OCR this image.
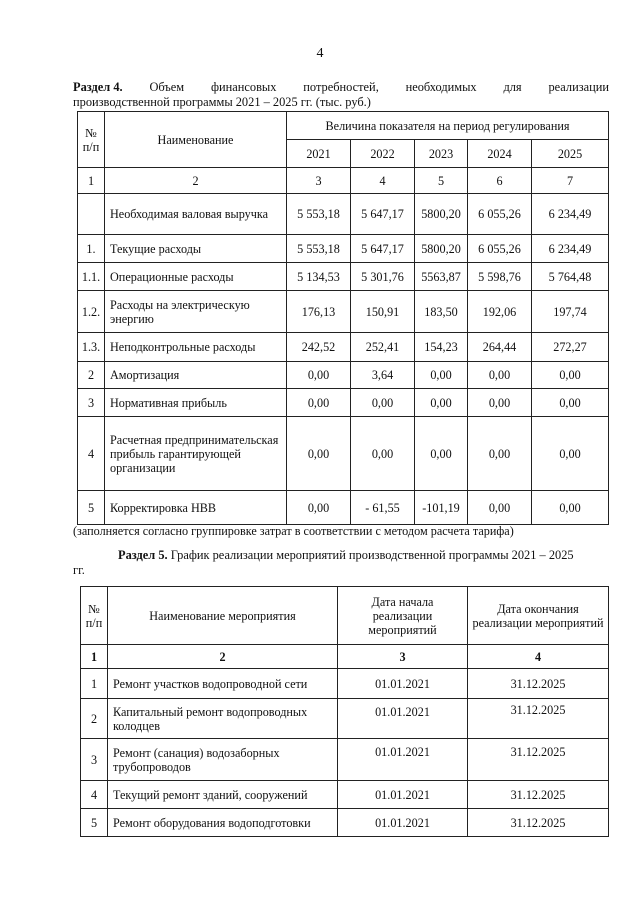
4
Раздел 4. Объем финансовых потребностей, необходимых для реализации
производственной программы 2021 – 2025 гг. (тыс. руб.)
№
п/п	Наименование	Величина показателя на период регулирования				
		2021	2022	2023	2024	2025
1	2	3	4	5	6	7
	Необходимая валовая выручка	5 553,18	5 647,17	5800,20	6 055,26	6 234,49
1.	Текущие расходы	5 553,18	5 647,17	5800,20	6 055,26	6 234,49
1.1.	Операционные расходы	5 134,53	5 301,76	5563,87	5 598,76	5 764,48
1.2.	Расходы на электрическую энергию	176,13	150,91	183,50	192,06	197,74
1.3.	Неподконтрольные расходы	242,52	252,41	154,23	264,44	272,27
2	Амортизация	0,00	3,64	0,00	0,00	0,00
3	Нормативная прибыль	0,00	0,00	0,00	0,00	0,00
4	Расчетная предпринимательская прибыль гарантирующей организации	0,00	0,00	0,00	0,00	0,00
5	Корректировка НВВ	0,00	- 61,55	-101,19	0,00	0,00
(заполняется согласно группировке затрат в соответствии с методом расчета тарифа)
Раздел 5. График реализации мероприятий производственной программы 2021 – 2025
гг.
№
п/п	Наименование мероприятия	Дата начала реализации мероприятий	Дата окончания реализации мероприятий
1	2	3	4
1	Ремонт участков водопроводной сети	01.01.2021	31.12.2025
2	Капитальный ремонт водопроводных колодцев	01.01.2021	31.12.2025
3	Ремонт (санация) водозаборных трубопроводов	01.01.2021	31.12.2025
4	Текущий ремонт зданий, сооружений	01.01.2021	31.12.2025
5	Ремонт оборудования водоподготовки	01.01.2021	31.12.2025
